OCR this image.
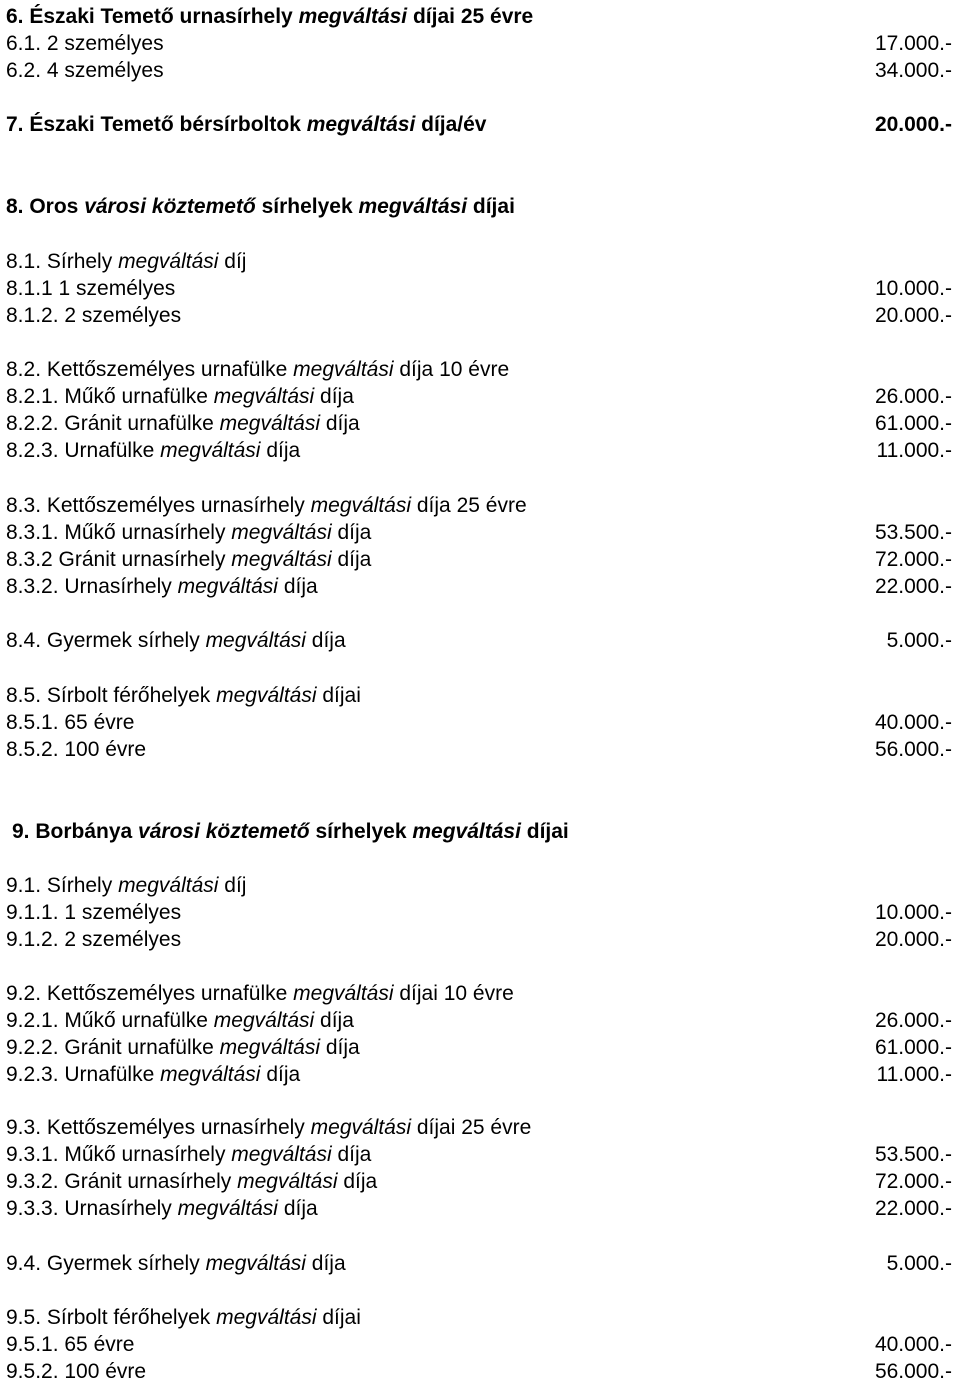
6. Északi Temető urnasírhely megváltási díjai 25 évre
6.1. 2 személyes	17.000.-
6.2. 4 személyes	34.000.-
7. Északi Temető bérsírboltok megváltási díja/év	20.000.-
8. Oros városi köztemető sírhelyek megváltási díjai
8.1. Sírhely megváltási díj
8.1.1 1 személyes	10.000.-
8.1.2. 2 személyes	20.000.-
8.2. Kettőszemélyes urnafülke megváltási díja 10 évre
8.2.1. Műkő urnafülke megváltási díja	26.000.-
8.2.2. Gránit urnafülke megváltási díja	61.000.-
8.2.3. Urnafülke megváltási díja	11.000.-
8.3. Kettőszemélyes urnasírhely megváltási díja 25 évre
8.3.1. Műkő urnasírhely megváltási díja	53.500.-
8.3.2 Gránit urnasírhely megváltási díja	72.000.-
8.3.2. Urnasírhely megváltási díja	22.000.-
8.4. Gyermek sírhely megváltási díja	5.000.-
8.5. Sírbolt férőhelyek megváltási díjai
8.5.1. 65 évre	40.000.-
8.5.2. 100 évre	56.000.-
9. Borbánya városi köztemető sírhelyek megváltási díjai
9.1. Sírhely megváltási díj
9.1.1. 1 személyes	10.000.-
9.1.2. 2 személyes	20.000.-
9.2. Kettőszemélyes urnafülke megváltási díjai 10 évre
9.2.1. Műkő urnafülke megváltási díja	26.000.-
9.2.2. Gránit urnafülke megváltási díja	61.000.-
9.2.3. Urnafülke megváltási díja	11.000.-
9.3. Kettőszemélyes urnasírhely megváltási díjai 25 évre
9.3.1. Műkő urnasírhely megváltási díja	53.500.-
9.3.2. Gránit urnasírhely megváltási díja	72.000.-
9.3.3. Urnasírhely megváltási díja	22.000.-
9.4. Gyermek sírhely megváltási díja	5.000.-
9.5. Sírbolt férőhelyek megváltási díjai
9.5.1. 65 évre	40.000.-
9.5.2. 100 évre	56.000.-
